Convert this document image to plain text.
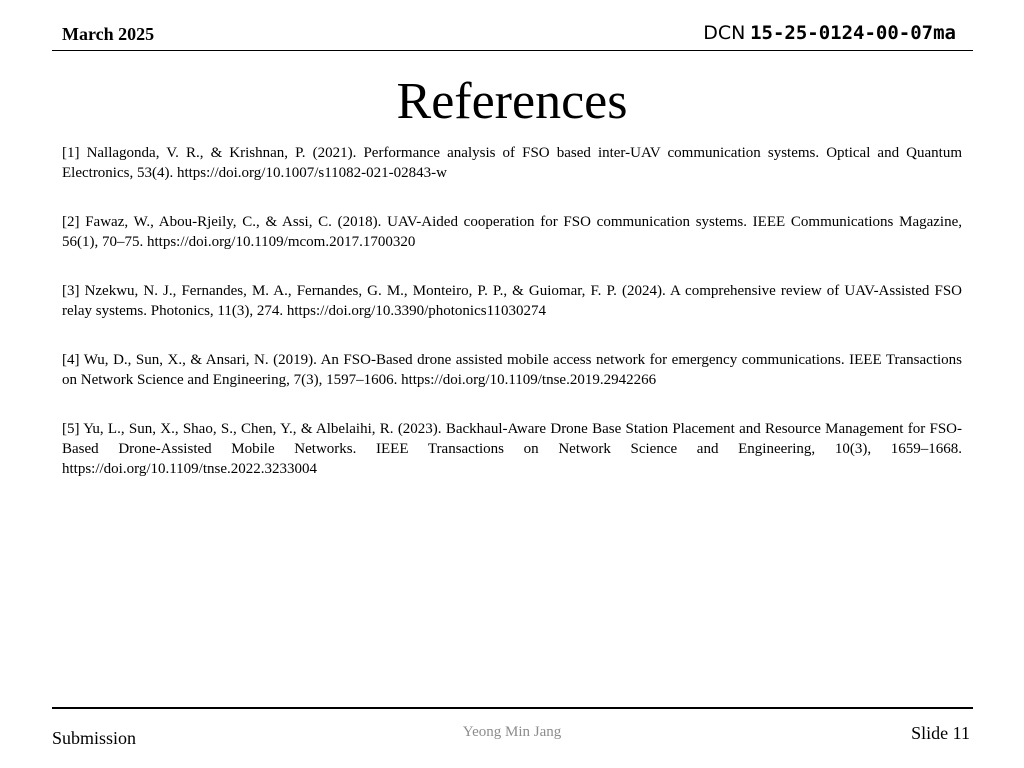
March 2025	DCN 15-25-0124-00-07ma
References

[1] Nallagonda, V. R., & Krishnan, P. (2021). Performance analysis of FSO based inter-UAV communication systems. Optical and Quantum Electronics, 53(4). https://doi.org/10.1007/s11082-021-02843-w

[2] Fawaz, W., Abou-Rjeily, C., & Assi, C. (2018). UAV-Aided cooperation for FSO communication systems. IEEE Communications Magazine, 56(1), 70–75. https://doi.org/10.1109/mcom.2017.1700320

[3] Nzekwu, N. J., Fernandes, M. A., Fernandes, G. M., Monteiro, P. P., & Guiomar, F. P. (2024). A comprehensive review of UAV-Assisted FSO relay systems. Photonics, 11(3), 274. https://doi.org/10.3390/photonics11030274

[4] Wu, D., Sun, X., & Ansari, N. (2019). An FSO-Based drone assisted mobile access network for emergency communications. IEEE Transactions on Network Science and Engineering, 7(3), 1597–1606. https://doi.org/10.1109/tnse.2019.2942266

[5] Yu, L., Sun, X., Shao, S., Chen, Y., & Albelaihi, R. (2023). Backhaul-Aware Drone Base Station Placement and Resource Management for FSO-Based Drone-Assisted Mobile Networks. IEEE Transactions on Network Science and Engineering, 10(3), 1659–1668. https://doi.org/10.1109/tnse.2022.3233004

Submission	Yeong Min Jang	Slide 11
